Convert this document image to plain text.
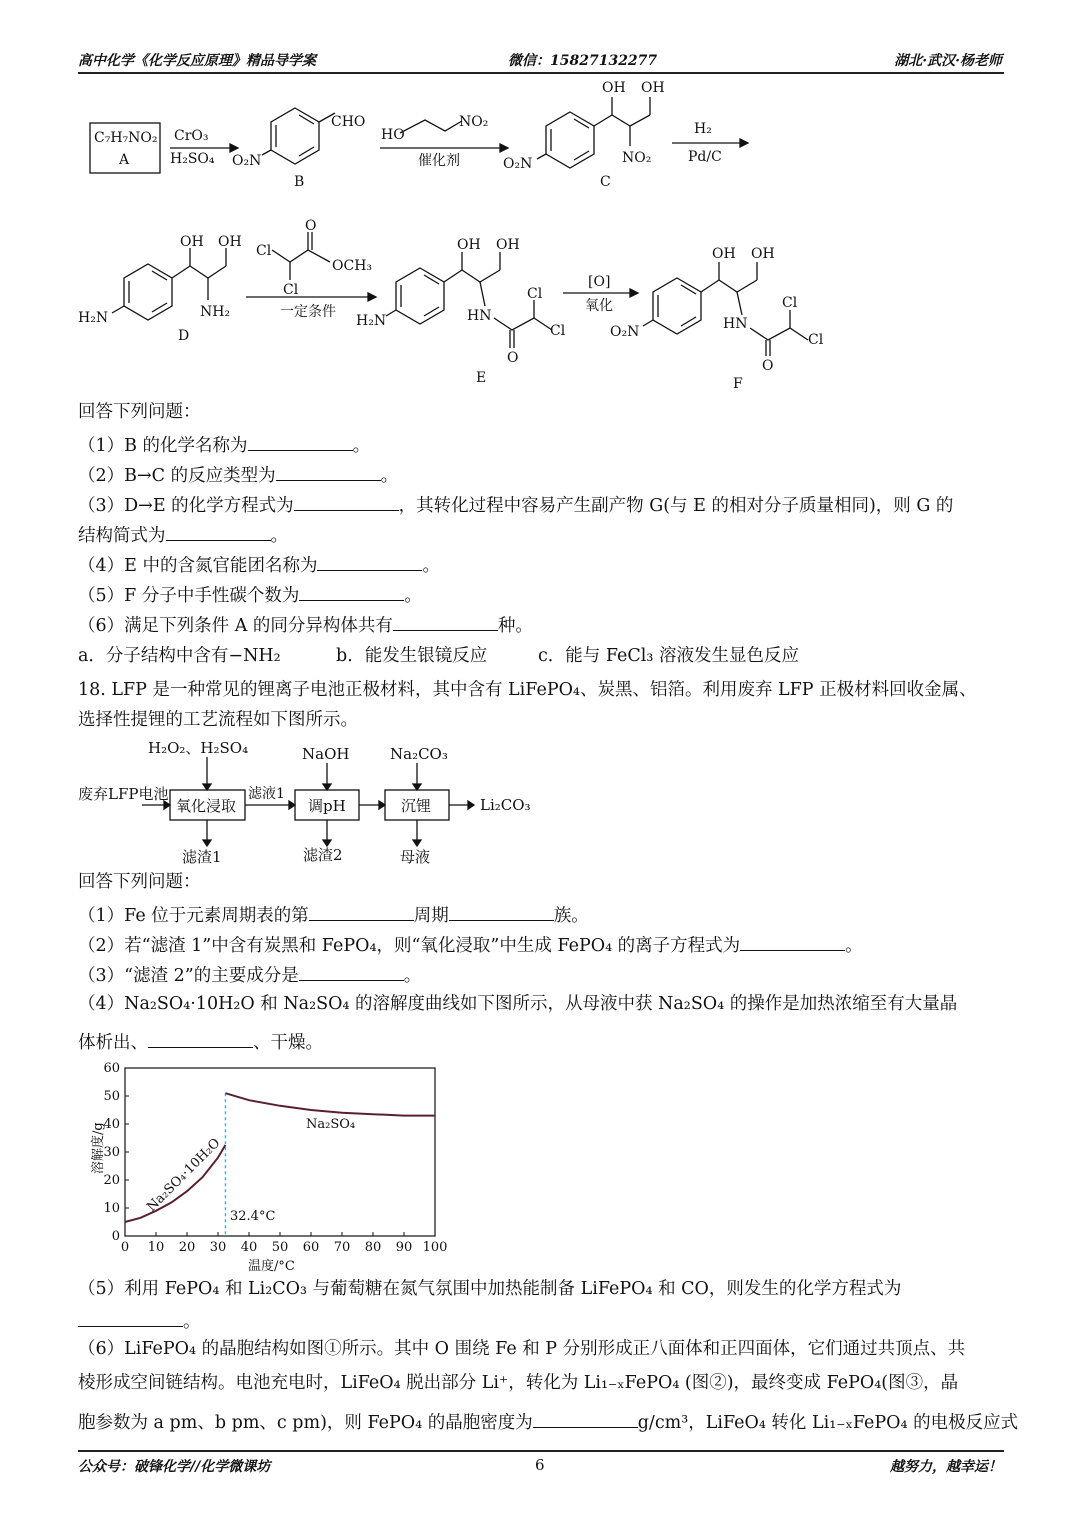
高中化学《化学反应原理》精品导学案	微信：15827132277	湖北·武汉·杨老师
C₇H₇NO₂
A
CrO₃
H₂SO₄
CHO
O₂N
B
HO
NO₂
催化剂
OH OH
O₂N	NO₂
C
H₂
Pd/C
OH OH
H₂N	NH₂
D
Cl
O
OCH₃
Cl
一定条件
OH OH
H₂N	HN
Cl
Cl
O
E
[O]
氧化
OH OH
O₂N	HN
Cl
Cl
O
F
回答下列问题：
（1）B 的化学名称为	。
（2）B→C 的反应类型为	。
（3）D→E 的化学方程式为	，其转化过程中容易产生副产物 G(与 E 的相对分子质量相同)，则 G 的
结构简式为	。
（4）E 中的含氮官能团名称为	。
（5）F 分子中手性碳个数为	。
（6）满足下列条件 A 的同分异构体共有	种。
a．分子结构中含有−NH₂	b．能发生银镜反应	c．能与 FeCl₃ 溶液发生显色反应
18. LFP 是一种常见的锂离子电池正极材料，其中含有 LiFePO₄、炭黑、铝箔。利用废弃 LFP 正极材料回收金属、
选择性提锂的工艺流程如下图所示。
H₂O₂、H₂SO₄	NaOH	Na₂CO₃
废弃LFP电池
氧化浸取
滤液1
调pH	沉锂	Li₂CO₃
滤渣1	滤渣2	母液
回答下列问题：
（1）Fe 位于元素周期表的第	周期	族。
（2）若“滤渣 1”中含有炭黑和 FePO₄，则“氧化浸取”中生成 FePO₄ 的离子方程式为	。
（3）“滤渣 2”的主要成分是	。
（4）Na₂SO₄·10H₂O 和 Na₂SO₄ 的溶解度曲线如下图所示，从母液中获 Na₂SO₄ 的操作是加热浓缩至有大量晶
体析出、	、干燥。
0 10 20 30 40 50 60 70 80 90 100
0
10
20
30
40
50
60
Na₂SO₄
Na₂SO₄·10H₂O
32.4°C
温度/°C
溶解度/g
（5）利用 FePO₄ 和 Li₂CO₃ 与葡萄糖在氮气氛围中加热能制备 LiFePO₄ 和 CO，则发生的化学方程式为
。
（6）LiFePO₄ 的晶胞结构如图①所示。其中 O 围绕 Fe 和 P 分别形成正八面体和正四面体，它们通过共顶点、共
棱形成空间链结构。电池充电时，LiFeO₄ 脱出部分 Li⁺，转化为 Li₁₋ₓFePO₄ (图②)，最终变成 FePO₄(图③，晶
胞参数为 a pm、b pm、c pm)，则 FePO₄ 的晶胞密度为	g/cm³，LiFeO₄ 转化 Li₁₋ₓFePO₄ 的电极反应式
公众号：破锋化学//化学微课坊	6	越努力，越幸运！
